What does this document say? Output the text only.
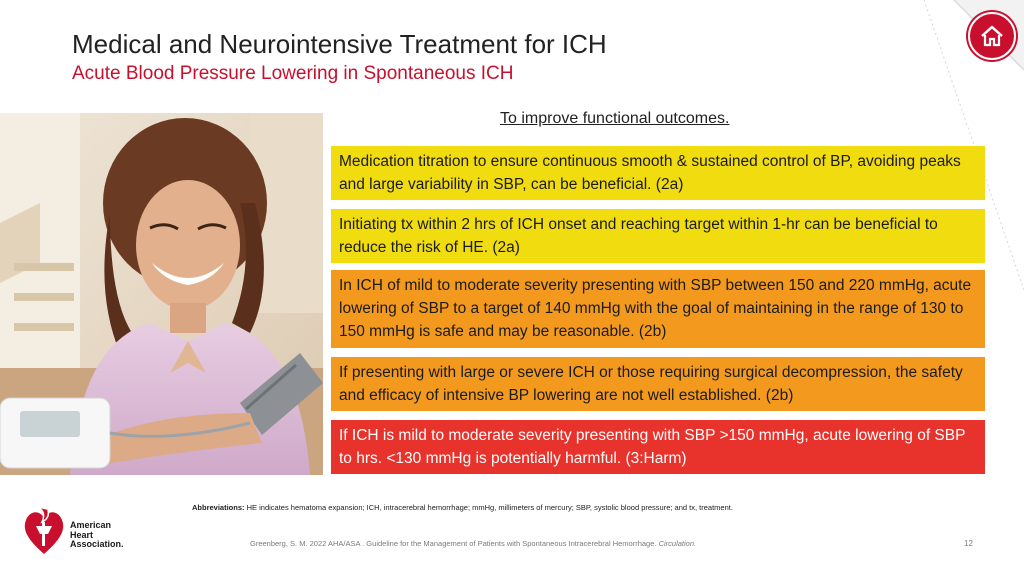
Medical and Neurointensive Treatment for ICH
Acute Blood Pressure Lowering in Spontaneous ICH
To improve functional outcomes.
Medication titration to ensure continuous smooth & sustained control of BP, avoiding peaks and large variability in SBP, can be beneficial. (2a)
Initiating tx within 2 hrs of ICH onset and reaching target within 1-hr can be beneficial to reduce the risk of HE. (2a)
In ICH of mild to moderate severity presenting with SBP between 150 and 220 mmHg, acute lowering of SBP to a target of 140 mmHg with the goal of maintaining in the range of 130 to 150 mmHg is safe and may be reasonable. (2b)
If presenting with large or severe ICH or those requiring surgical decompression, the safety and efficacy of intensive BP lowering are not well established. (2b)
If ICH is mild to moderate severity presenting with SBP >150 mmHg, acute lowering of SBP to hrs. <130 mmHg is potentially harmful. (3:Harm)
Abbreviations: HE indicates hematoma expansion; ICH, intracerebral hemorrhage; mmHg, millimeters of mercury; SBP, systolic blood pressure; and tx, treatment.
American
Heart
Association.	Greenberg, S. M. 2022 AHA/ASA . Guideline for the Management of Patients with Spontaneous Intracerebral Hemorrhage. Circulation.	12
